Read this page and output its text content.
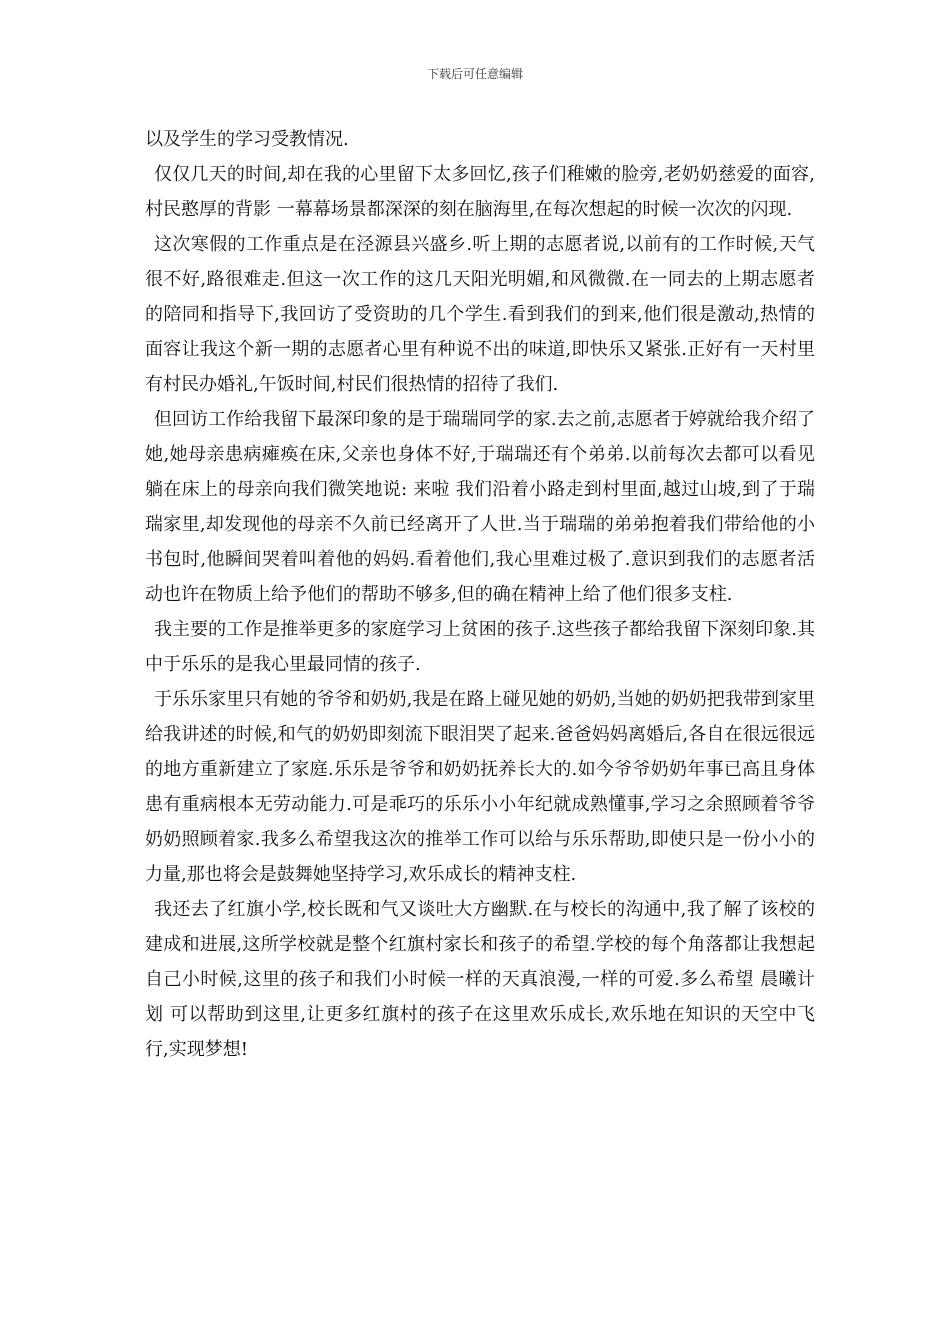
下载后可任意编辑

以及学生的学习受教情况.

仅仅几天的时间,却在我的心里留下太多回忆,孩子们稚嫩的脸旁,老奶奶慈爱的面容,村民憨厚的背影 一幕幕场景都深深的刻在脑海里,在每次想起的时候一次次的闪现.

这次寒假的工作重点是在泾源县兴盛乡.听上期的志愿者说,以前有的工作时候,天气很不好,路很难走.但这一次工作的这几天阳光明媚,和风微微.在一同去的上期志愿者的陪同和指导下,我回访了受资助的几个学生.看到我们的到来,他们很是激动,热情的面容让我这个新一期的志愿者心里有种说不出的味道,即快乐又紧张.正好有一天村里有村民办婚礼,午饭时间,村民们很热情的招待了我们.

但回访工作给我留下最深印象的是于瑞瑞同学的家.去之前,志愿者于婷就给我介绍了她,她母亲患病瘫痪在床,父亲也身体不好,于瑞瑞还有个弟弟.以前每次去都可以看见躺在床上的母亲向我们微笑地说: 来啦 我们沿着小路走到村里面,越过山坡,到了于瑞瑞家里,却发现他的母亲不久前已经离开了人世.当于瑞瑞的弟弟抱着我们带给他的小书包时,他瞬间哭着叫着他的妈妈.看着他们,我心里难过极了.意识到我们的志愿者活动也许在物质上给予他们的帮助不够多,但的确在精神上给了他们很多支柱.

我主要的工作是推举更多的家庭学习上贫困的孩子.这些孩子都给我留下深刻印象.其中于乐乐的是我心里最同情的孩子.

于乐乐家里只有她的爷爷和奶奶,我是在路上碰见她的奶奶,当她的奶奶把我带到家里给我讲述的时候,和气的奶奶即刻流下眼泪哭了起来.爸爸妈妈离婚后,各自在很远很远的地方重新建立了家庭.乐乐是爷爷和奶奶抚养长大的.如今爷爷奶奶年事已高且身体患有重病根本无劳动能力.可是乖巧的乐乐小小年纪就成熟懂事,学习之余照顾着爷爷奶奶照顾着家.我多么希望我这次的推举工作可以给与乐乐帮助,即使只是一份小小的力量,那也将会是鼓舞她坚持学习,欢乐成长的精神支柱.

我还去了红旗小学,校长既和气又谈吐大方幽默.在与校长的沟通中,我了解了该校的建成和进展,这所学校就是整个红旗村家长和孩子的希望.学校的每个角落都让我想起自己小时候,这里的孩子和我们小时候一样的天真浪漫,一样的可爱.多么希望 晨曦计划 可以帮助到这里,让更多红旗村的孩子在这里欢乐成长,欢乐地在知识的天空中飞行,实现梦想!
